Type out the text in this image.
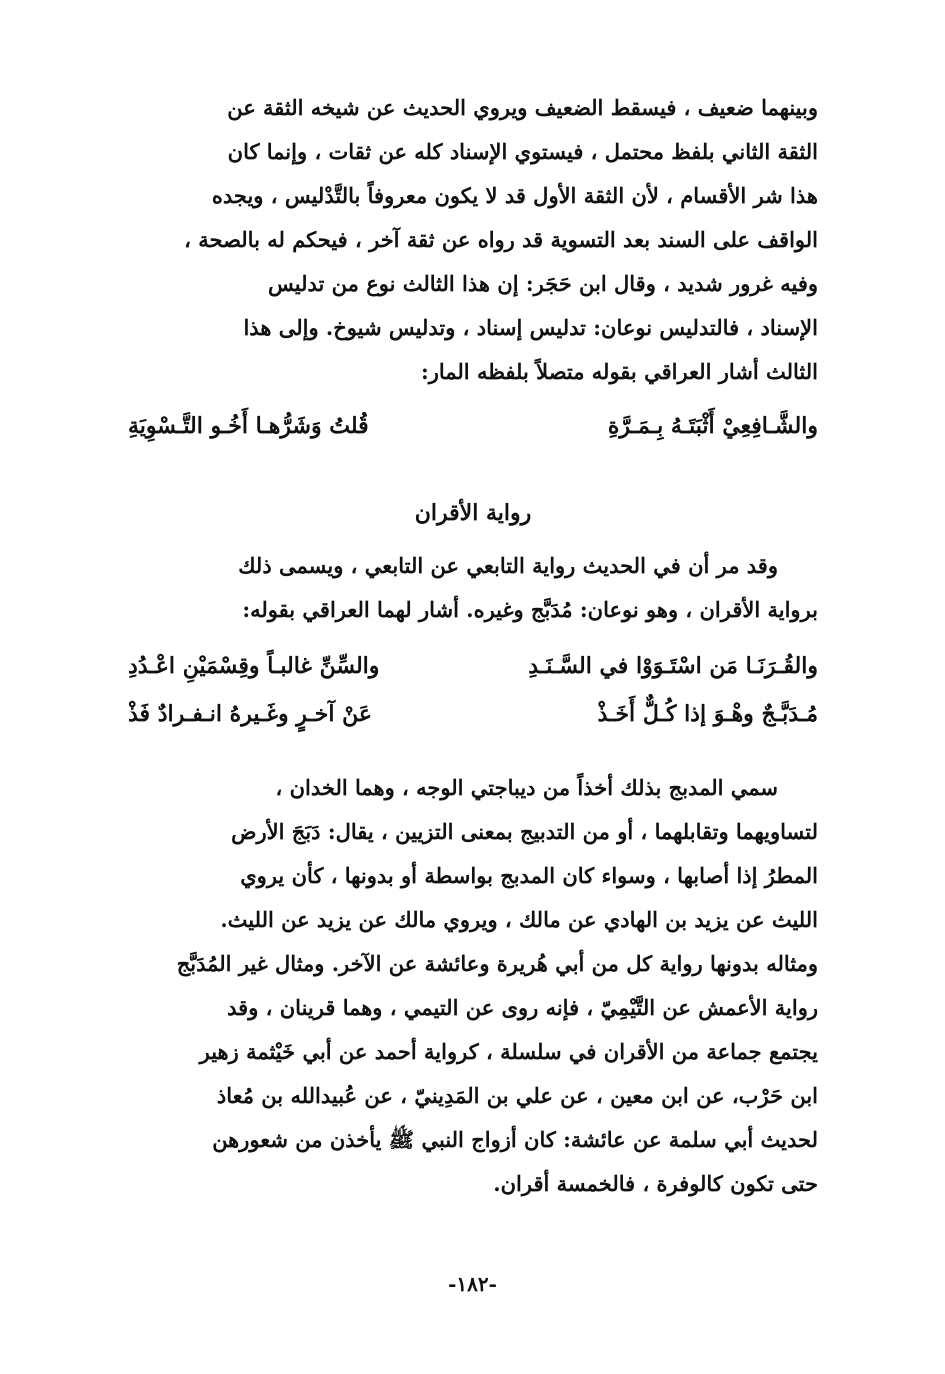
وبينهما ضعيف ، فيسقط الضعيف ويروي الحديث عن شيخه الثقة عن
الثقة الثاني بلفظ محتمل ، فيستوي الإسناد كله عن ثقات ، وإنما كان
هذا شر الأقسام ، لأن الثقة الأول قد لا يكون معروفاً بالتَّدْليس ، ويجده
الواقف على السند بعد التسوية قد رواه عن ثقة آخر ، فيحكم له بالصحة ،
وفيه غرور شديد ، وقال ابن حَجَر: إن هذا الثالث نوع من تدليس
الإسناد ، فالتدليس نوعان: تدليس إسناد ، وتدليس شيوخ. وإلى هذا
الثالث أشار العراقي بقوله متصلاً بلفظه المار:

والشَّـافِعِيْ أَثْبَتَـهُ بِـمَـرَّةِ
قُلتُ وَشَرُّهـا أَخُـو التَّـسْوِيَةِ
رواية الأقران

وقد مر أن في الحديث رواية التابعي عن التابعي ، ويسمى ذلك
برواية الأقران ، وهو نوعان: مُدَبَّج وغيره. أشار لهما العراقي بقوله:

والقُـرَنَـا مَن اسْتَـوَوْا في السَّـنَـدِ
والسِّنِّ غالبـاً وقِسْمَيْنِ اعْـدُدِ
مُـدَبَّـجٌ وهْـوَ إذا كُـلٌّ أَخَـذْ
عَنْ آخـرٍ وغَـيرهُ انـفـرادٌ فَذْ

سمي المدبج بذلك أخذاً من ديباجتي الوجه ، وهما الخدان ،
لتساويهما وتقابلهما ، أو من التدبيج بمعنى التزيين ، يقال: دَبَجَ الأرض
المطرُ إذا أصابها ، وسواء كان المدبج بواسطة أو بدونها ، كأن يروي
الليث عن يزيد بن الهادي عن مالك ، ويروي مالك عن يزيد عن الليث.
ومثاله بدونها رواية كل من أبي هُريرة وعائشة عن الآخر. ومثال غير المُدَبَّج
رواية الأعمش عن التَّيْمِيّ ، فإنه روى عن التيمي ، وهما قرينان ، وقد
يجتمع جماعة من الأقران في سلسلة ، كرواية أحمد عن أبي خَيْثمة زهير
ابن حَرْب، عن ابن معين ، عن علي بن المَدِينيّ ، عن عُبيدالله بن مُعاذ
لحديث أبي سلمة عن عائشة: كان أزواج النبي ﷺ يأخذن من شعورهن
حتى تكون كالوفرة ، فالخمسة أقران.

-١٨٢-
